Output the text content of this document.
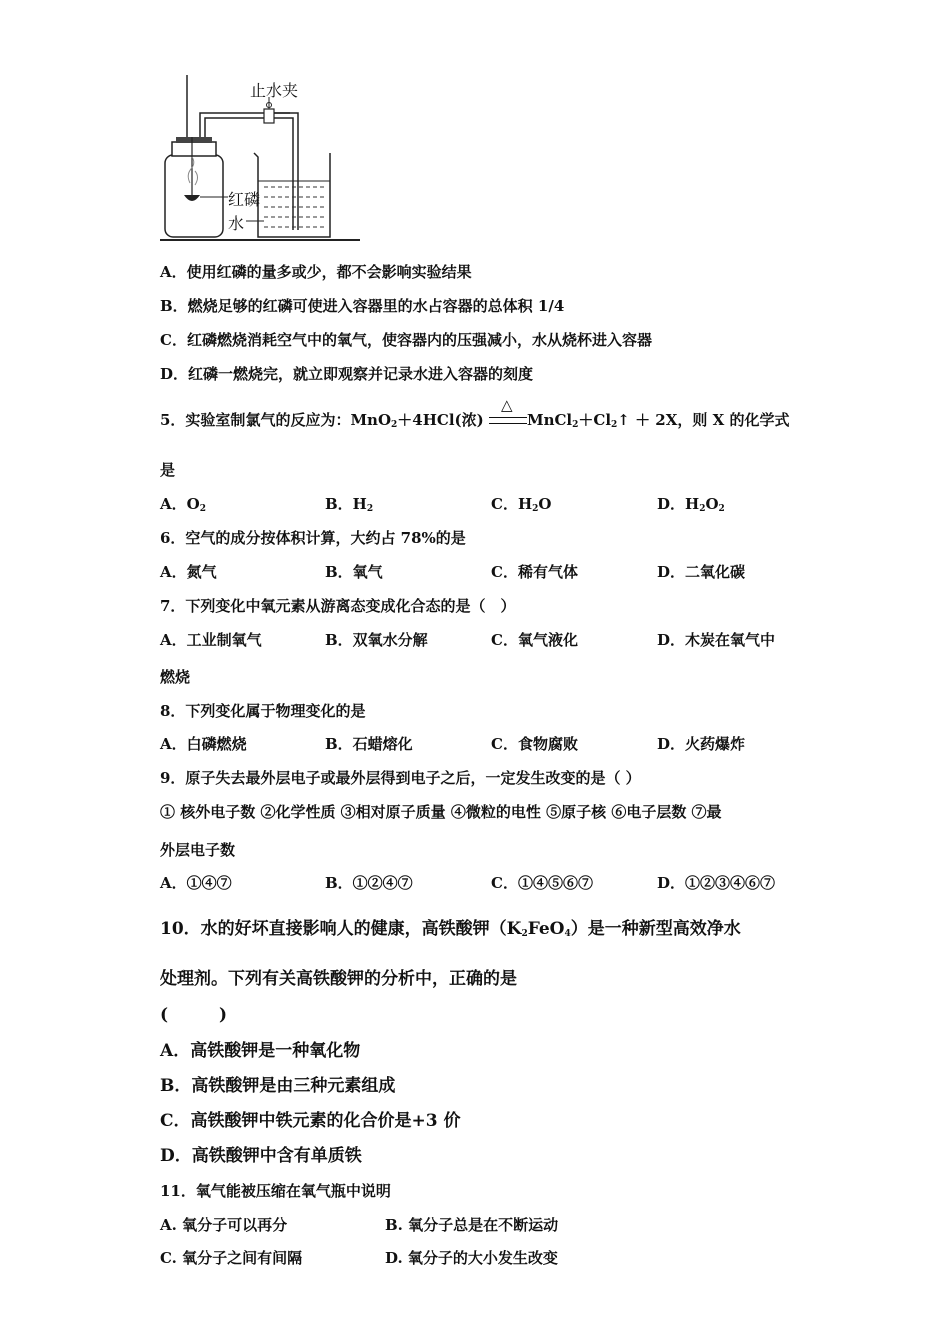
止水夹
红磷
水
A．使用红磷的量多或少，都不会影响实验结果
B．燃烧足够的红磷可使进入容器里的水占容器的总体积 1/4
C．红磷燃烧消耗空气中的氧气，使容器内的压强减小，水从烧杯进入容器
D．红磷一燃烧完，就立即观察并记录水进入容器的刻度
5．实验室制氯气的反应为：MnO$_2$＋4HCl(浓)
△
$MnCl_2+Cl_2↑ + 2X$，则 X 的化学式
是
A．$O_2$	B．$H_2$	C．$H_2O$	D．$H_2O_2$
6．空气的成分按体积计算，大约占 78%的是
A．氮气	B．氧气	C．稀有气体	D．二氧化碳
7．下列变化中氧元素从游离态变成化合态的是（　）
A．工业制氧气	B．双氧水分解	C．氧气液化	D．木炭在氧气中
燃烧
8．下列变化属于物理变化的是
A．白磷燃烧	B．石蜡熔化	C．食物腐败	D．火药爆炸
9．原子失去最外层电子或最外层得到电子之后，一定发生改变的是（ ）
① 核外电子数 ②化学性质 ③相对原子质量 ④微粒的电性 ⑤原子核 ⑥电子层数 ⑦最
外层电子数
A．①④⑦	B．①②④⑦	C．①④⑤⑥⑦	D．①②③④⑥⑦
10．水的好坏直接影响人的健康，高铁酸钾$(K_2FeO_4)$是一种新型高效净水
处理剂。下列有关高铁酸钾的分析中，正确的是
(　　　)
A．高铁酸钾是一种氧化物
B．高铁酸钾是由三种元素组成
C．高铁酸钾中铁元素的化合价是+3 价
D．高铁酸钾中含有单质铁
11．氧气能被压缩在氧气瓶中说明
A. 氧分子可以再分	B. 氧分子总是在不断运动
C. 氧分子之间有间隔	D. 氧分子的大小发生改变
